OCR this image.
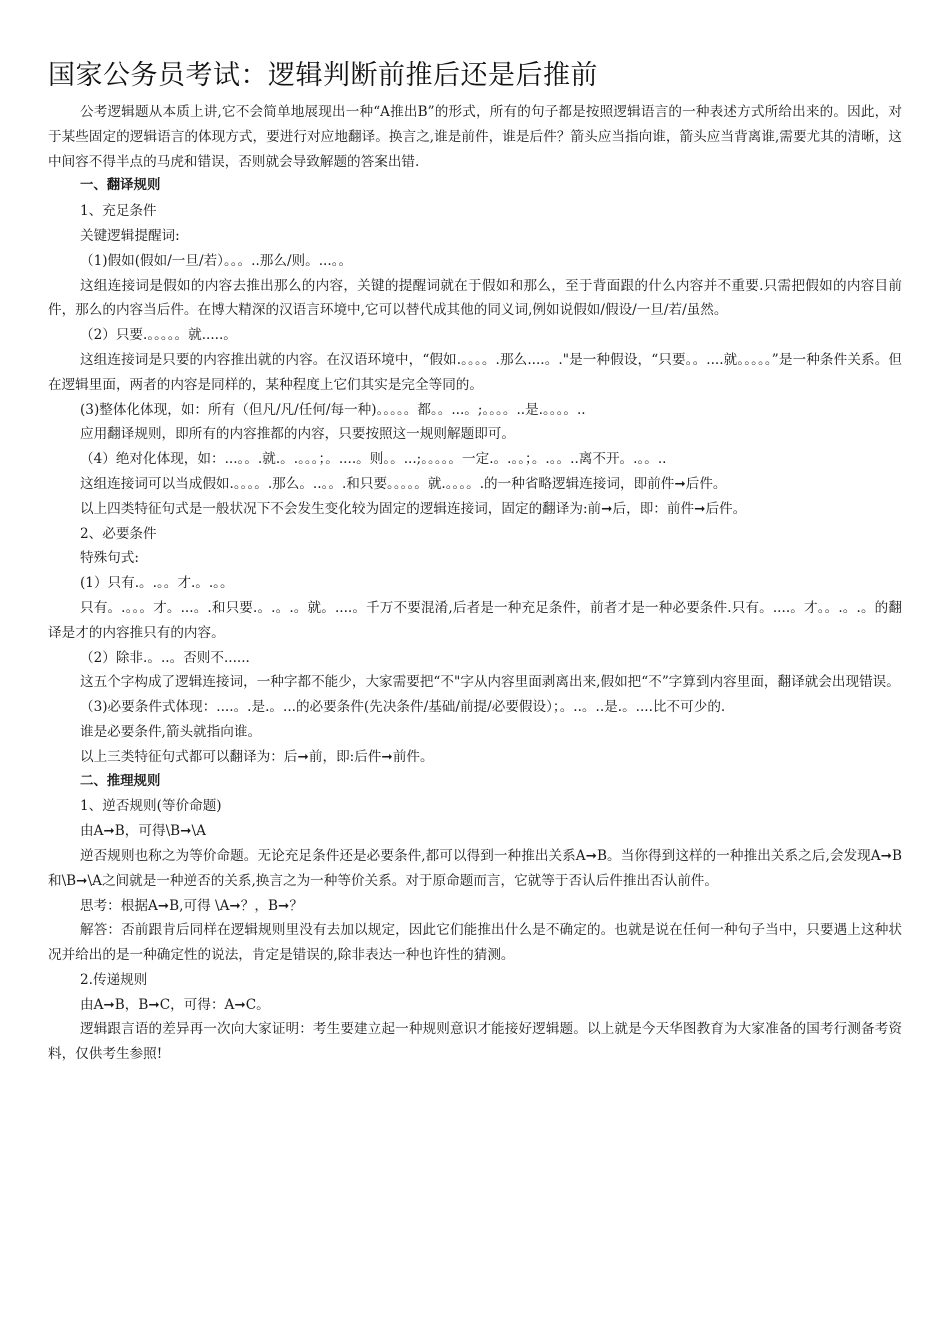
国家公务员考试：逻辑判断前推后还是后推前

公考逻辑题从本质上讲,它不会简单地展现出一种“A推出B”的形式，所有的句子都是按照逻辑语言的一种表述方式所给出来的。因此，对于某些固定的逻辑语言的体现方式，要进行对应地翻译。换言之,谁是前件，谁是后件？箭头应当指向谁，箭头应当背离谁,需要尤其的清晰，这中间容不得半点的马虎和错误，否则就会导致解题的答案出错.

一、翻译规则

1、充足条件

关键逻辑提醒词:

（1)假如(假如/一旦/若）。。。..那么/则。...。。

这组连接词是假如的内容去推出那么的内容，关键的提醒词就在于假如和那么，至于背面跟的什么内容并不重要.只需把假如的内容目前件，那么的内容当后件。在博大精深的汉语言环境中,它可以替代成其他的同义词,例如说假如/假设/一旦/若/虽然。

（2）只要.。。。。。就.....。

这组连接词是只要的内容推出就的内容。在汉语环境中，“假如.。。。。.那么....。."是一种假设，“只要。。....就。。。。。”是一种条件关系。但在逻辑里面，两者的内容是同样的，某种程度上它们其实是完全等同的。

(3)整体化体现，如：所有（但凡/凡/任何/每一种)。。。。。都。。...。;。。。。..是.。。。。..

应用翻译规则，即所有的内容推都的内容，只要按照这一规则解题即可。

（4）绝对化体现，如：...。。.就.。.。。。；。....。则。。...;。。。。。一定.。.。。；。.。。..离不开。.。。..

这组连接词可以当成假如.。。。。.那么。..。。.和只要。。。。。就.。。。。.的一种省略逻辑连接词，即前件➞后件。

以上四类特征句式是一般状况下不会发生变化较为固定的逻辑连接词，固定的翻译为:前➞后，即：前件➞后件。

2、必要条件

特殊句式:

(1）只有.。.。。才.。.。。

只有。.。。。才。...。.和只要.。.。.。就。....。千万不要混淆,后者是一种充足条件，前者才是一种必要条件.只有。....。才。。.。.。的翻译是才的内容推只有的内容。

（2）除非.。..。否则不......

这五个字构成了逻辑连接词，一种字都不能少，大家需要把“不"字从内容里面剥离出来,假如把“不”字算到内容里面，翻译就会出现错误。

（3)必要条件式体现：....。.是.。...的必要条件(先决条件/基础/前提/必要假设）；。..。..是.。....比不可少的.

谁是必要条件,箭头就指向谁。

以上三类特征句式都可以翻译为：后➞前，即:后件➞前件。

二、推理规则

1、逆否规则(等价命题)

由A➞B，可得\B➞\A

逆否规则也称之为等价命题。无论充足条件还是必要条件,都可以得到一种推出关系A➞B。当你得到这样的一种推出关系之后,会发现A➞B和\B➞\A之间就是一种逆否的关系,换言之为一种等价关系。对于原命题而言，它就等于否认后件推出否认前件。

思考：根据A➞B,可得 \A➞？，B➞？

解答：否前跟肯后同样在逻辑规则里没有去加以规定，因此它们能推出什么是不确定的。也就是说在任何一种句子当中，只要遇上这种状况并给出的是一种确定性的说法，肯定是错误的,除非表达一种也许性的猜测。

2.传递规则

由A➞B，B➞C，可得：A➞C。

逻辑跟言语的差异再一次向大家证明：考生要建立起一种规则意识才能接好逻辑题。以上就是今天华图教育为大家准备的国考行测备考资料，仅供考生参照!
